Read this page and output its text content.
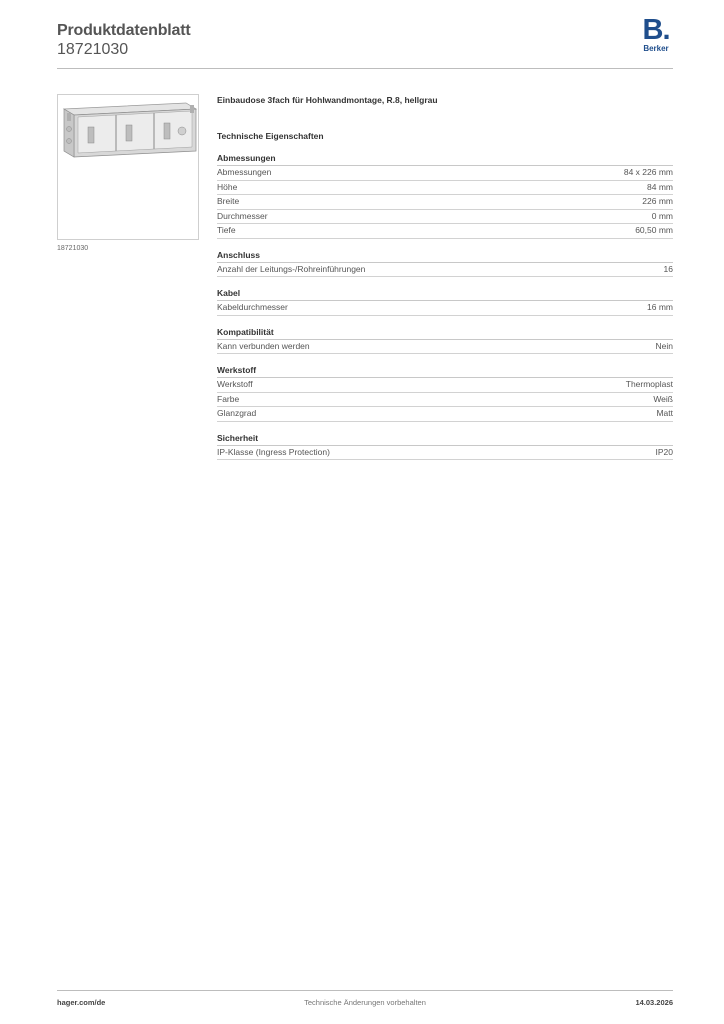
Produktdatenblatt
18721030
B.
Berker
18721030
Einbaudose 3fach für Hohlwandmontage, R.8, hellgrau
Technische Eigenschaften
Abmessungen
Abmessungen	84 x 226 mm
Höhe	84 mm
Breite	226 mm
Durchmesser	0 mm
Tiefe	60,50 mm
Anschluss
Anzahl der Leitungs-/Rohreinführungen	16
Kabel
Kabeldurchmesser	16 mm
Kompatibilität
Kann verbunden werden	Nein
Werkstoff
Werkstoff	Thermoplast
Farbe	Weiß
Glanzgrad	Matt
Sicherheit
IP-Klasse (Ingress Protection)	IP20
Technische Änderungen vorbehalten
hager.com/de	14.03.2026
